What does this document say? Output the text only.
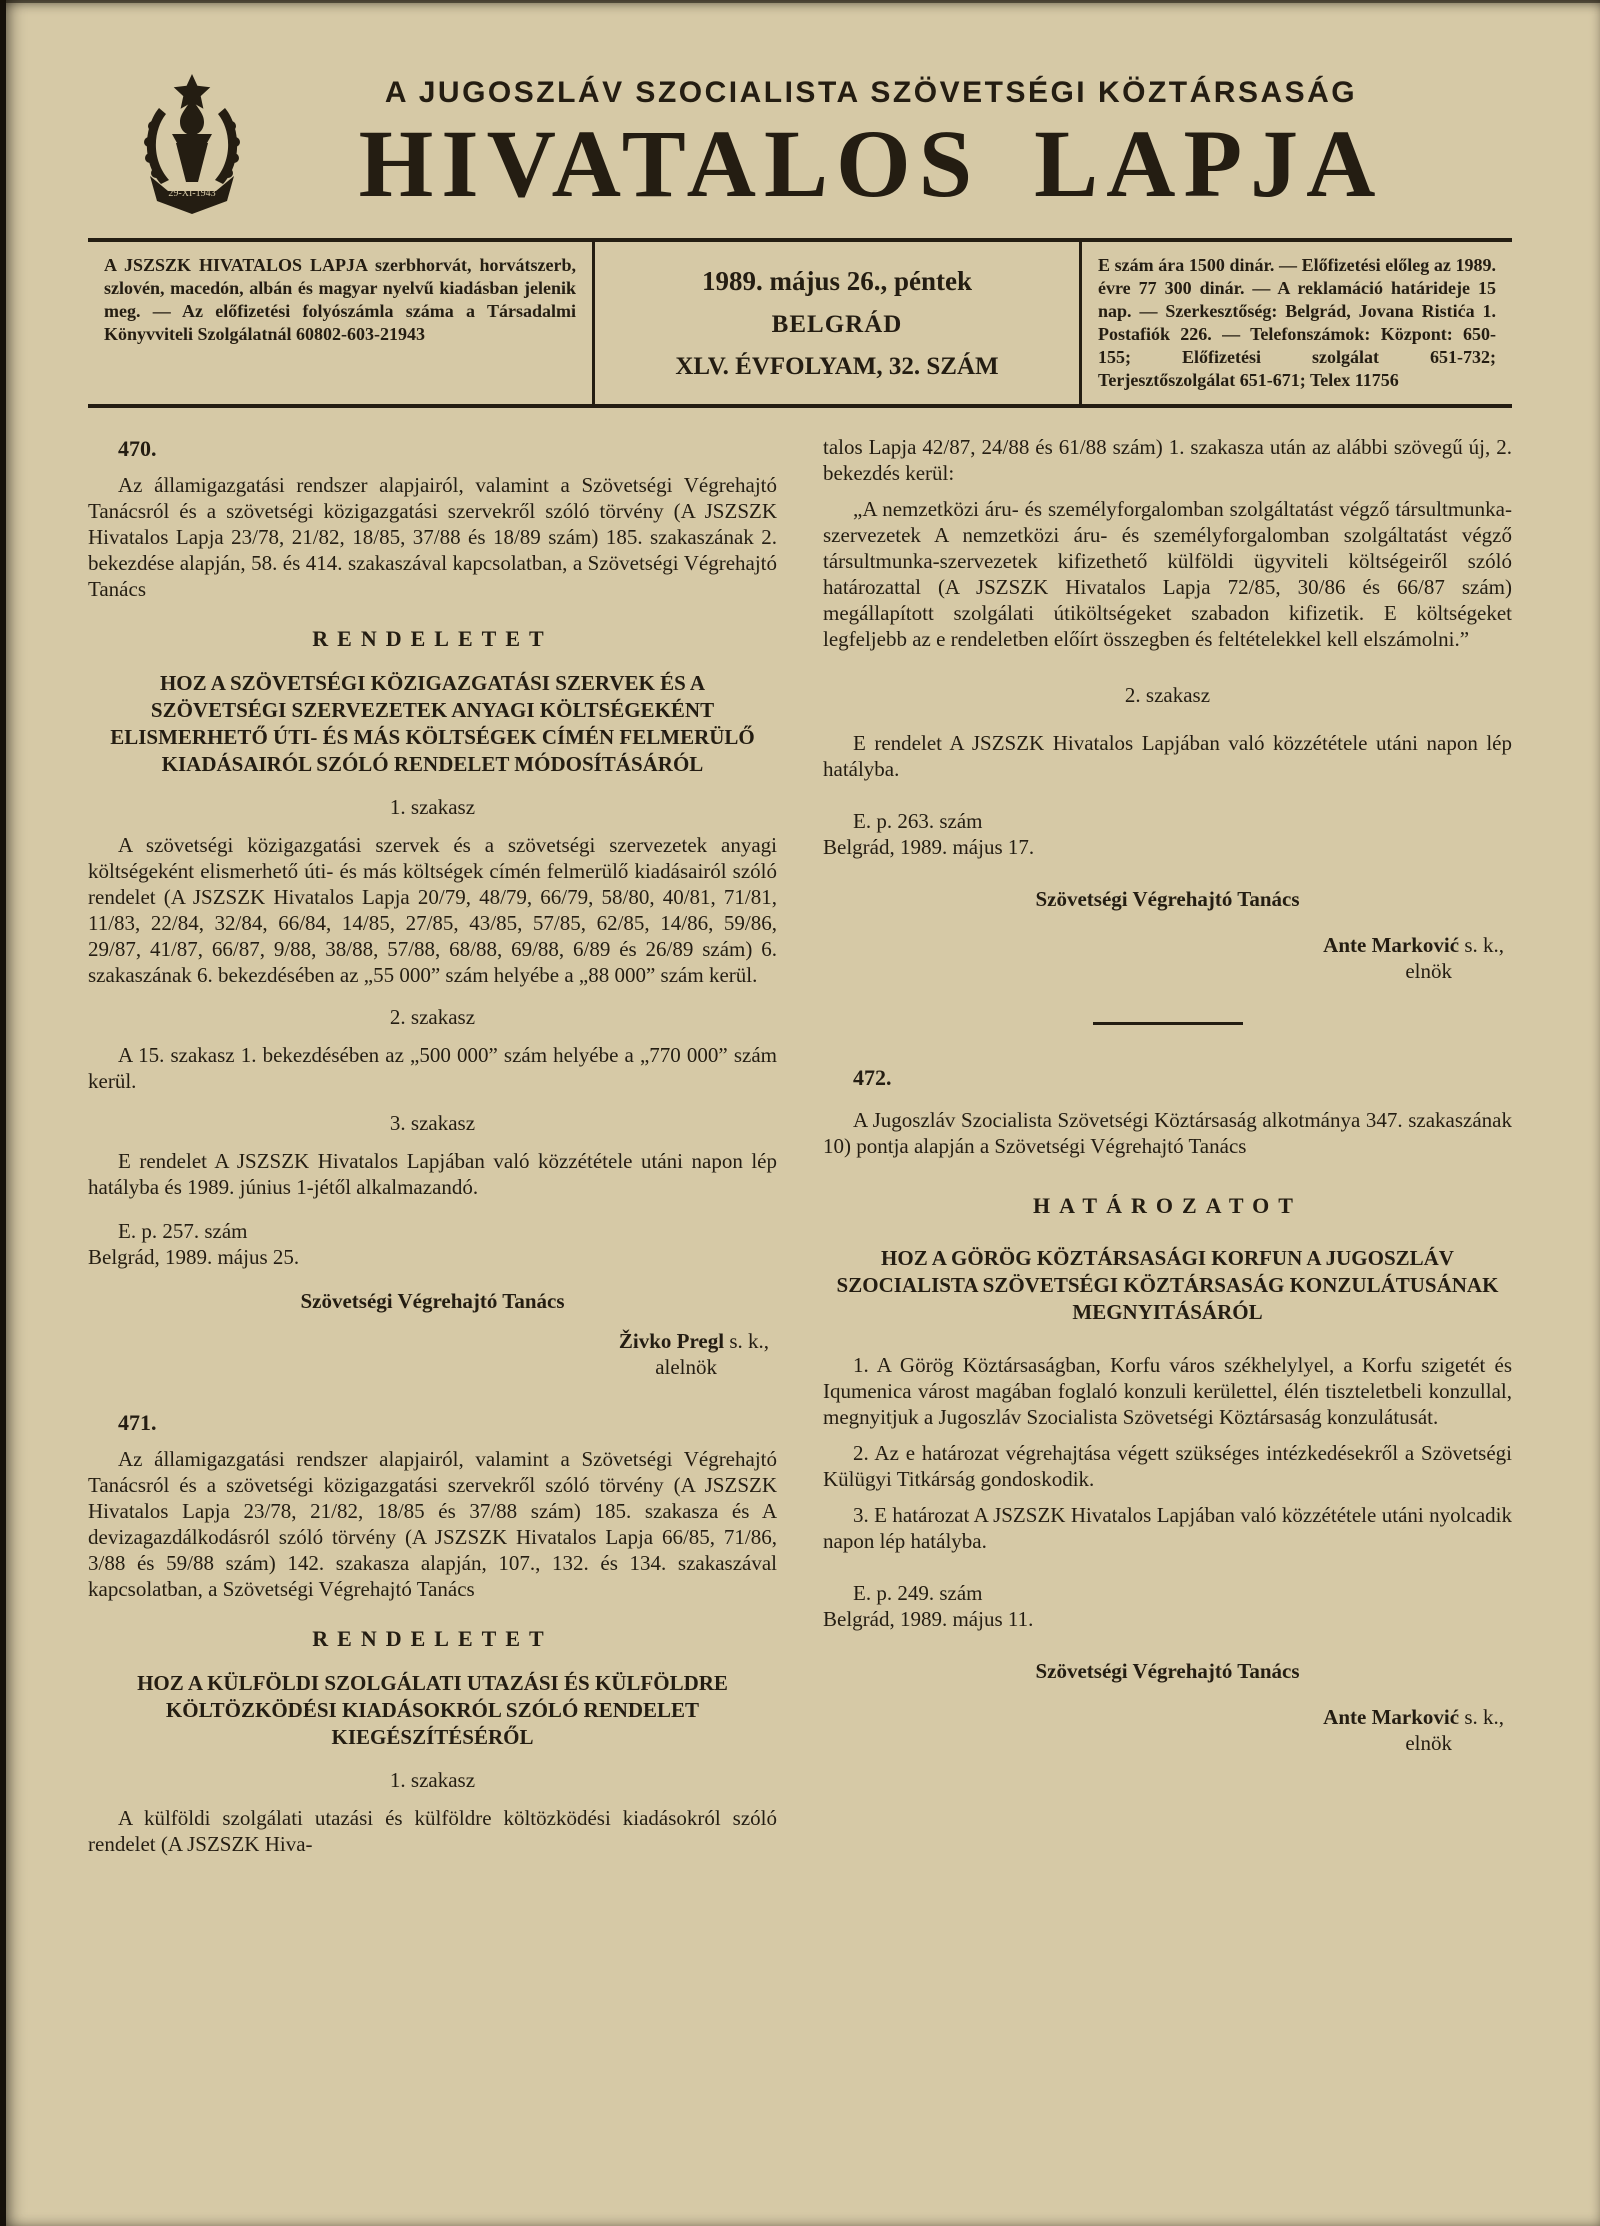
29-XI-1943
A JUGOSZLÁV SZOCIALISTA SZÖVETSÉGI KÖZTÁRSASÁG
HIVATALOS LAPJA
A JSZSZK HIVATALOS LAPJA szerbhorvát, horvátszerb, szlovén, macedón, albán és magyar nyelvű kiadásban jelenik meg. — Az előfizetési folyószámla száma a Társadalmi Könyvviteli Szolgálatnál 60802-603-21943
1989. május 26., péntek
BELGRÁD
XLV. ÉVFOLYAM, 32. SZÁM
E szám ára 1500 dinár. — Előfizetési előleg az 1989. évre 77 300 dinár. — A reklamáció határideje 15 nap. — Szerkesztőség: Belgrád, Jovana Ristića 1. Postafiók 226. — Telefonszámok: Központ: 650-155; Előfizetési szolgálat 651-732; Terjesztőszolgálat 651-671; Telex 11756
470.
Az államigazgatási rendszer alapjairól, valamint a Szövetségi Végrehajtó Tanácsról és a szövetségi közigazgatási szervekről szóló törvény (A JSZSZK Hivatalos Lapja 23/78, 21/82, 18/85, 37/88 és 18/89 szám) 185. szakaszának 2. bekezdése alapján, 58. és 414. szakaszával kapcsolatban, a Szövetségi Végrehajtó Tanács
RENDELETET
HOZ A SZÖVETSÉGI KÖZIGAZGATÁSI SZERVEK ÉS A SZÖVETSÉGI SZERVEZETEK ANYAGI KÖLTSÉGEKÉNT ELISMERHETŐ ÚTI- ÉS MÁS KÖLTSÉGEK CÍMÉN FELMERÜLŐ KIADÁSAIRÓL SZÓLÓ RENDELET MÓDOSÍTÁSÁRÓL
1. szakasz
A szövetségi közigazgatási szervek és a szövetségi szervezetek anyagi költségeként elismerhető úti- és más költségek címén felmerülő kiadásairól szóló rendelet (A JSZSZK Hivatalos Lapja 20/79, 48/79, 66/79, 58/80, 40/81, 71/81, 11/83, 22/84, 32/84, 66/84, 14/85, 27/85, 43/85, 57/85, 62/85, 14/86, 59/86, 29/87, 41/87, 66/87, 9/88, 38/88, 57/88, 68/88, 69/88, 6/89 és 26/89 szám) 6. szakaszának 6. bekezdésében az „55 000” szám helyébe a „88 000” szám kerül.
2. szakasz
A 15. szakasz 1. bekezdésében az „500 000” szám helyébe a „770 000” szám kerül.
3. szakasz
E rendelet A JSZSZK Hivatalos Lapjában való közzététele utáni napon lép hatályba és 1989. június 1-jétől alkalmazandó.
E. p. 257. szám
Belgrád, 1989. május 25.
Szövetségi Végrehajtó Tanács
Živko Pregl s. k.,
alelnök
471.
Az államigazgatási rendszer alapjairól, valamint a Szövetségi Végrehajtó Tanácsról és a szövetségi közigazgatási szervekről szóló törvény (A JSZSZK Hivatalos Lapja 23/78, 21/82, 18/85 és 37/88 szám) 185. szakasza és A devizagazdálkodásról szóló törvény (A JSZSZK Hivatalos Lapja 66/85, 71/86, 3/88 és 59/88 szám) 142. szakasza alapján, 107., 132. és 134. szakaszával kapcsolatban, a Szövetségi Végrehajtó Tanács
RENDELETET
HOZ A KÜLFÖLDI SZOLGÁLATI UTAZÁSI ÉS KÜLFÖLDRE KÖLTÖZKÖDÉSI KIADÁSOKRÓL SZÓLÓ RENDELET KIEGÉSZÍTÉSÉRŐL
1. szakasz
A külföldi szolgálati utazási és külföldre költözködési kiadásokról szóló rendelet (A JSZSZK Hiva-
talos Lapja 42/87, 24/88 és 61/88 szám) 1. szakasza után az alábbi szövegű új, 2. bekezdés kerül:
„A nemzetközi áru- és személyforgalomban szolgáltatást végző társultmunka-szervezetek A nemzetközi áru- és személyforgalomban szolgáltatást végző társultmunka-szervezetek kifizethető külföldi ügyviteli költségeiről szóló határozattal (A JSZSZK Hivatalos Lapja 72/85, 30/86 és 66/87 szám) megállapított szolgálati útiköltségeket szabadon kifizetik. E költségeket legfeljebb az e rendeletben előírt összegben és feltételekkel kell elszámolni.”
2. szakasz
E rendelet A JSZSZK Hivatalos Lapjában való közzététele utáni napon lép hatályba.
E. p. 263. szám
Belgrád, 1989. május 17.
Szövetségi Végrehajtó Tanács
Ante Marković s. k.,
elnök
472.
A Jugoszláv Szocialista Szövetségi Köztársaság alkotmánya 347. szakaszának 10) pontja alapján a Szövetségi Végrehajtó Tanács
HATÁROZATOT
HOZ A GÖRÖG KÖZTÁRSASÁGI KORFUN A JUGOSZLÁV SZOCIALISTA SZÖVETSÉGI KÖZTÁRSASÁG KONZULÁTUSÁNAK MEGNYITÁSÁRÓL
1. A Görög Köztársaságban, Korfu város székhelylyel, a Korfu szigetét és Iqumenica várost magában foglaló konzuli kerülettel, élén tiszteletbeli konzullal, megnyitjuk a Jugoszláv Szocialista Szövetségi Köztársaság konzulátusát.
2. Az e határozat végrehajtása végett szükséges intézkedésekről a Szövetségi Külügyi Titkárság gondoskodik.
3. E határozat A JSZSZK Hivatalos Lapjában való közzététele utáni nyolcadik napon lép hatályba.
E. p. 249. szám
Belgrád, 1989. május 11.
Szövetségi Végrehajtó Tanács
Ante Marković s. k.,
elnök
